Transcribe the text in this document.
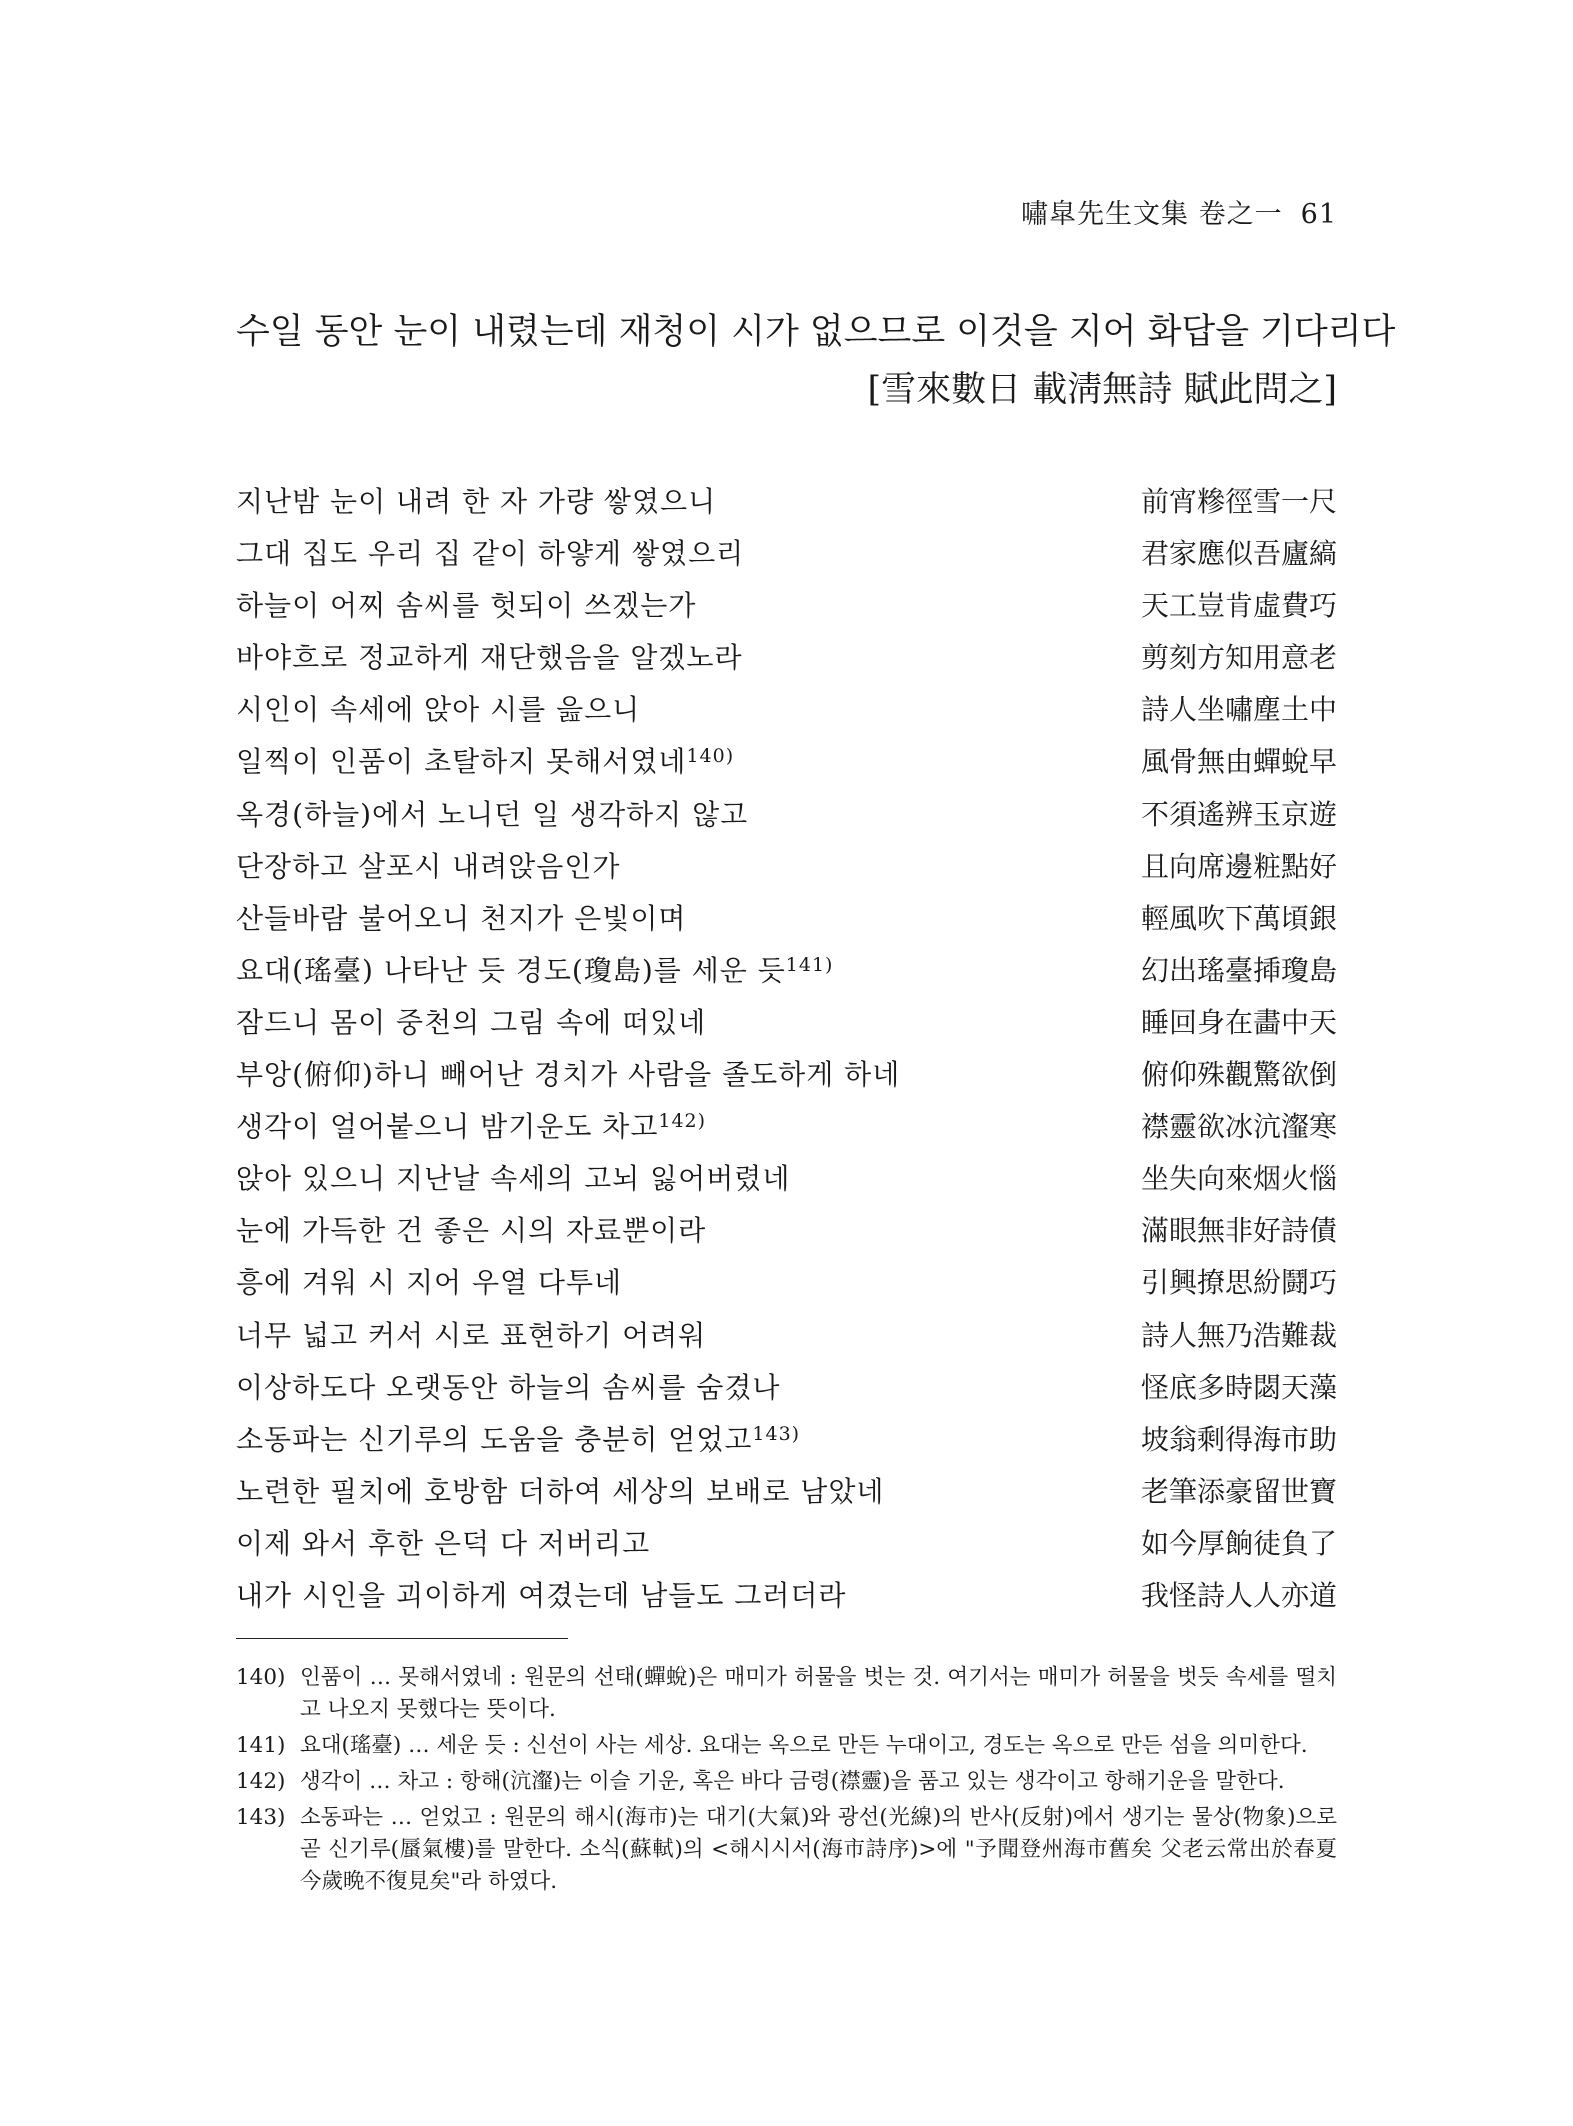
嘯皐先生文集 卷之一 61
수일 동안 눈이 내렸는데 재청이 시가 없으므로 이것을 지어 화답을 기다리다
[雪來數日 載淸無詩 賦此問之]
지난밤 눈이 내려 한 자 가량 쌓였으니	前宵糝徑雪一尺
그대 집도 우리 집 같이 하얗게 쌓였으리	君家應似吾廬縞
하늘이 어찌 솜씨를 헛되이 쓰겠는가	天工豈肯虛費巧
바야흐로 정교하게 재단했음을 알겠노라	剪刻方知用意老
시인이 속세에 앉아 시를 읊으니	詩人坐嘯塵土中
일찍이 인품이 초탈하지 못해서였네$^{140)}$	風骨無由蟬蛻早
옥경(하늘)에서 노니던 일 생각하지 않고	不須遙辨玉京遊
단장하고 살포시 내려앉음인가	且向席邊粧點好
산들바람 불어오니 천지가 은빛이며	輕風吹下萬頃銀
요대(瑤臺) 나타난 듯 경도(瓊島)를 세운 듯$^{141)}$	幻出瑤臺揷瓊島
잠드니 몸이 중천의 그림 속에 떠있네	睡回身在畵中天
부앙(俯仰)하니 빼어난 경치가 사람을 졸도하게 하네	俯仰殊觀驚欲倒
생각이 얼어붙으니 밤기운도 차고$^{142)}$	襟靈欲冰沆瀣寒
앉아 있으니 지난날 속세의 고뇌 잃어버렸네	坐失向來烟火惱
눈에 가득한 건 좋은 시의 자료뿐이라	滿眼無非好詩債
흥에 겨워 시 지어 우열 다투네	引興撩思紛鬪巧
너무 넓고 커서 시로 표현하기 어려워	詩人無乃浩難裁
이상하도다 오랫동안 하늘의 솜씨를 숨겼나	怪底多時閟天藻
소동파는 신기루의 도움을 충분히 얻었고$^{143)}$	坡翁剩得海市助
노련한 필치에 호방함 더하여 세상의 보배로 남았네	老筆添豪留世寶
이제 와서 후한 은덕 다 저버리고	如今厚餉徒負了
내가 시인을 괴이하게 여겼는데 남들도 그러더라	我怪詩人人亦道
140) 인품이 … 못해서였네 : 원문의 선태(蟬蛻)은 매미가 허물을 벗는 것. 여기서는 매미가 허물을 벗듯 속세를 떨치고 나오지 못했다는 뜻이다.
141) 요대(瑤臺) … 세운 듯 : 신선이 사는 세상. 요대는 옥으로 만든 누대이고, 경도는 옥으로 만든 섬을 의미한다.
142) 생각이 … 차고 : 항해(沆瀣)는 이슬 기운, 혹은 바다 금령(襟靈)을 품고 있는 생각이고 항해기운을 말한다.
143) 소동파는 … 얻었고 : 원문의 해시(海市)는 대기(大氣)와 광선(光線)의 반사(反射)에서 생기는 물상(物象)으로 곧 신기루(蜃氣樓)를 말한다. 소식(蘇軾)의 <해시시서(海市詩序)>에 "予聞登州海市舊矣 父老云常出於春夏 今歲晩不復見矣"라 하였다.
